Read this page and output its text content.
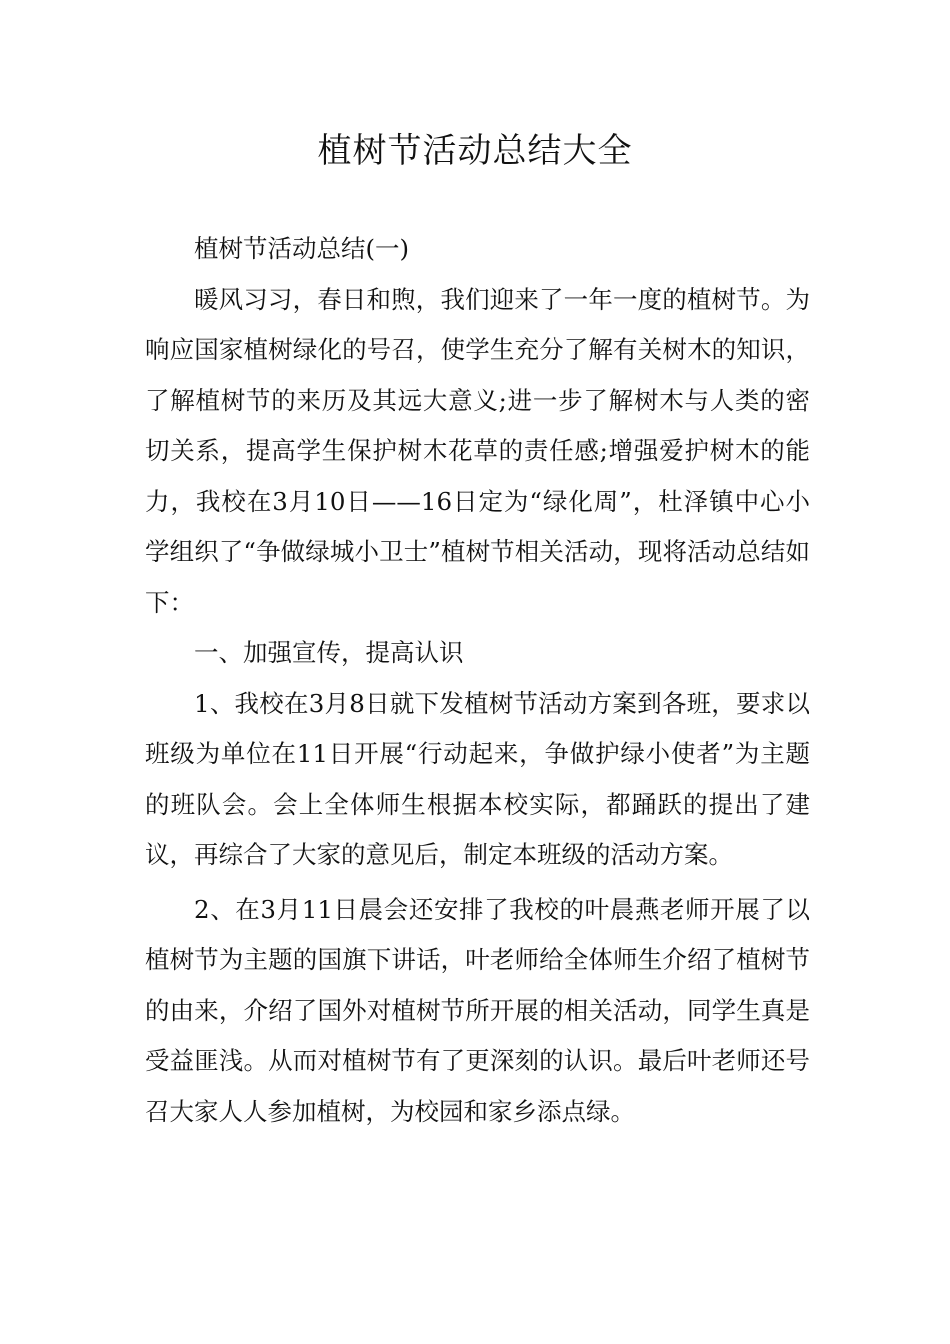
植树节活动总结大全

植树节活动总结(一)

暖风习习，春日和煦，我们迎来了一年一度的植树节。为响应国家植树绿化的号召，使学生充分了解有关树木的知识，了解植树节的来历及其远大意义;进一步了解树木与人类的密切关系，提高学生保护树木花草的责任感;增强爱护树木的能力，我校在3月10日——16日定为“绿化周”，杜泽镇中心小学组织了“争做绿城小卫士”植树节相关活动，现将活动总结如下：

一、加强宣传，提高认识

1、我校在3月8日就下发植树节活动方案到各班，要求以班级为单位在11日开展“行动起来，争做护绿小使者”为主题的班队会。会上全体师生根据本校实际，都踊跃的提出了建议，再综合了大家的意见后，制定本班级的活动方案。

2、在3月11日晨会还安排了我校的叶晨燕老师开展了以植树节为主题的国旗下讲话，叶老师给全体师生介绍了植树节的由来，介绍了国外对植树节所开展的相关活动，同学生真是受益匪浅。从而对植树节有了更深刻的认识。最后叶老师还号召大家人人参加植树，为校园和家乡添点绿。
